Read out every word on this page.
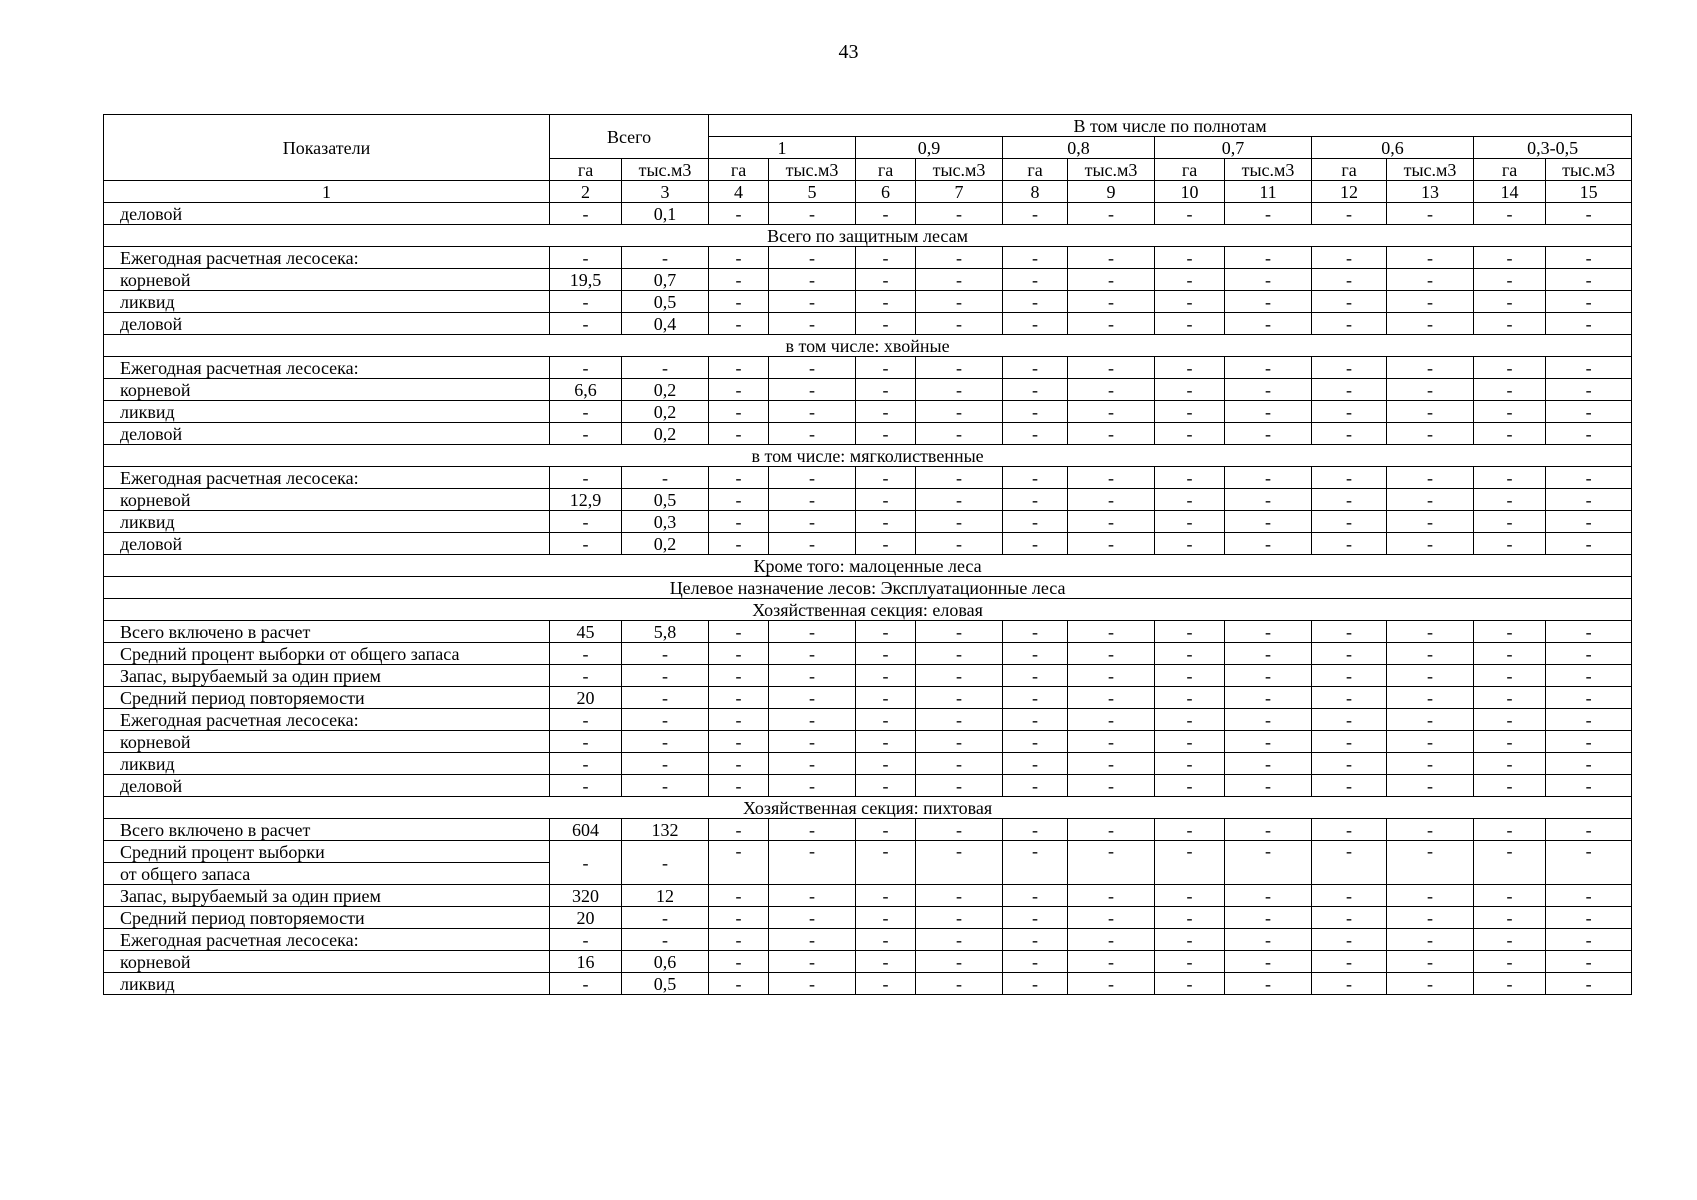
43
Показатели	Всего		В том числе по полнотам											
			1		0,9		0,8		0,7		0,6		0,3-0,5	
	га	тыс.м3	га	тыс.м3	га	тыс.м3	га	тыс.м3	га	тыс.м3	га	тыс.м3	га	тыс.м3
1	2	3	4	5	6	7	8	9	10	11	12	13	14	15
деловой	-	0,1	-	-	-	-	-	-	-	-	-	-	-	-
Всего по защитным лесам														
Ежегодная расчетная лесосека:	-	-	-	-	-	-	-	-	-	-	-	-	-	-
корневой	19,5	0,7	-	-	-	-	-	-	-	-	-	-	-	-
ликвид	-	0,5	-	-	-	-	-	-	-	-	-	-	-	-
деловой	-	0,4	-	-	-	-	-	-	-	-	-	-	-	-
в том числе: хвойные														
Ежегодная расчетная лесосека:	-	-	-	-	-	-	-	-	-	-	-	-	-	-
корневой	6,6	0,2	-	-	-	-	-	-	-	-	-	-	-	-
ликвид	-	0,2	-	-	-	-	-	-	-	-	-	-	-	-
деловой	-	0,2	-	-	-	-	-	-	-	-	-	-	-	-
в том числе: мягколиственные														
Ежегодная расчетная лесосека:	-	-	-	-	-	-	-	-	-	-	-	-	-	-
корневой	12,9	0,5	-	-	-	-	-	-	-	-	-	-	-	-
ликвид	-	0,3	-	-	-	-	-	-	-	-	-	-	-	-
деловой	-	0,2	-	-	-	-	-	-	-	-	-	-	-	-
Кроме того: малоценные леса														
Целевое назначение лесов: Эксплуатационные леса														
Хозяйственная секция: еловая														
Всего включено в расчет	45	5,8	-	-	-	-	-	-	-	-	-	-	-	-
Средний процент выборки от общего запаса	-	-	-	-	-	-	-	-	-	-	-	-	-	-
Запас, вырубаемый за один прием	-	-	-	-	-	-	-	-	-	-	-	-	-	-
Средний период повторяемости	20	-	-	-	-	-	-	-	-	-	-	-	-	-
Ежегодная расчетная лесосека:	-	-	-	-	-	-	-	-	-	-	-	-	-	-
корневой	-	-	-	-	-	-	-	-	-	-	-	-	-	-
ликвид	-	-	-	-	-	-	-	-	-	-	-	-	-	-
деловой	-	-	-	-	-	-	-	-	-	-	-	-	-	-
Хозяйственная секция: пихтовая														
Всего включено в расчет	604	132	-	-	-	-	-	-	-	-	-	-	-	-
Средний процент выборки	-	-	-	-	-	-	-	-	-	-	-	-	-	-
от общего запаса														
Запас, вырубаемый за один прием	320	12	-	-	-	-	-	-	-	-	-	-	-	-
Средний период повторяемости	20	-	-	-	-	-	-	-	-	-	-	-	-	-
Ежегодная расчетная лесосека:	-	-	-	-	-	-	-	-	-	-	-	-	-	-
корневой	16	0,6	-	-	-	-	-	-	-	-	-	-	-	-
ликвид	-	0,5	-	-	-	-	-	-	-	-	-	-	-	-
